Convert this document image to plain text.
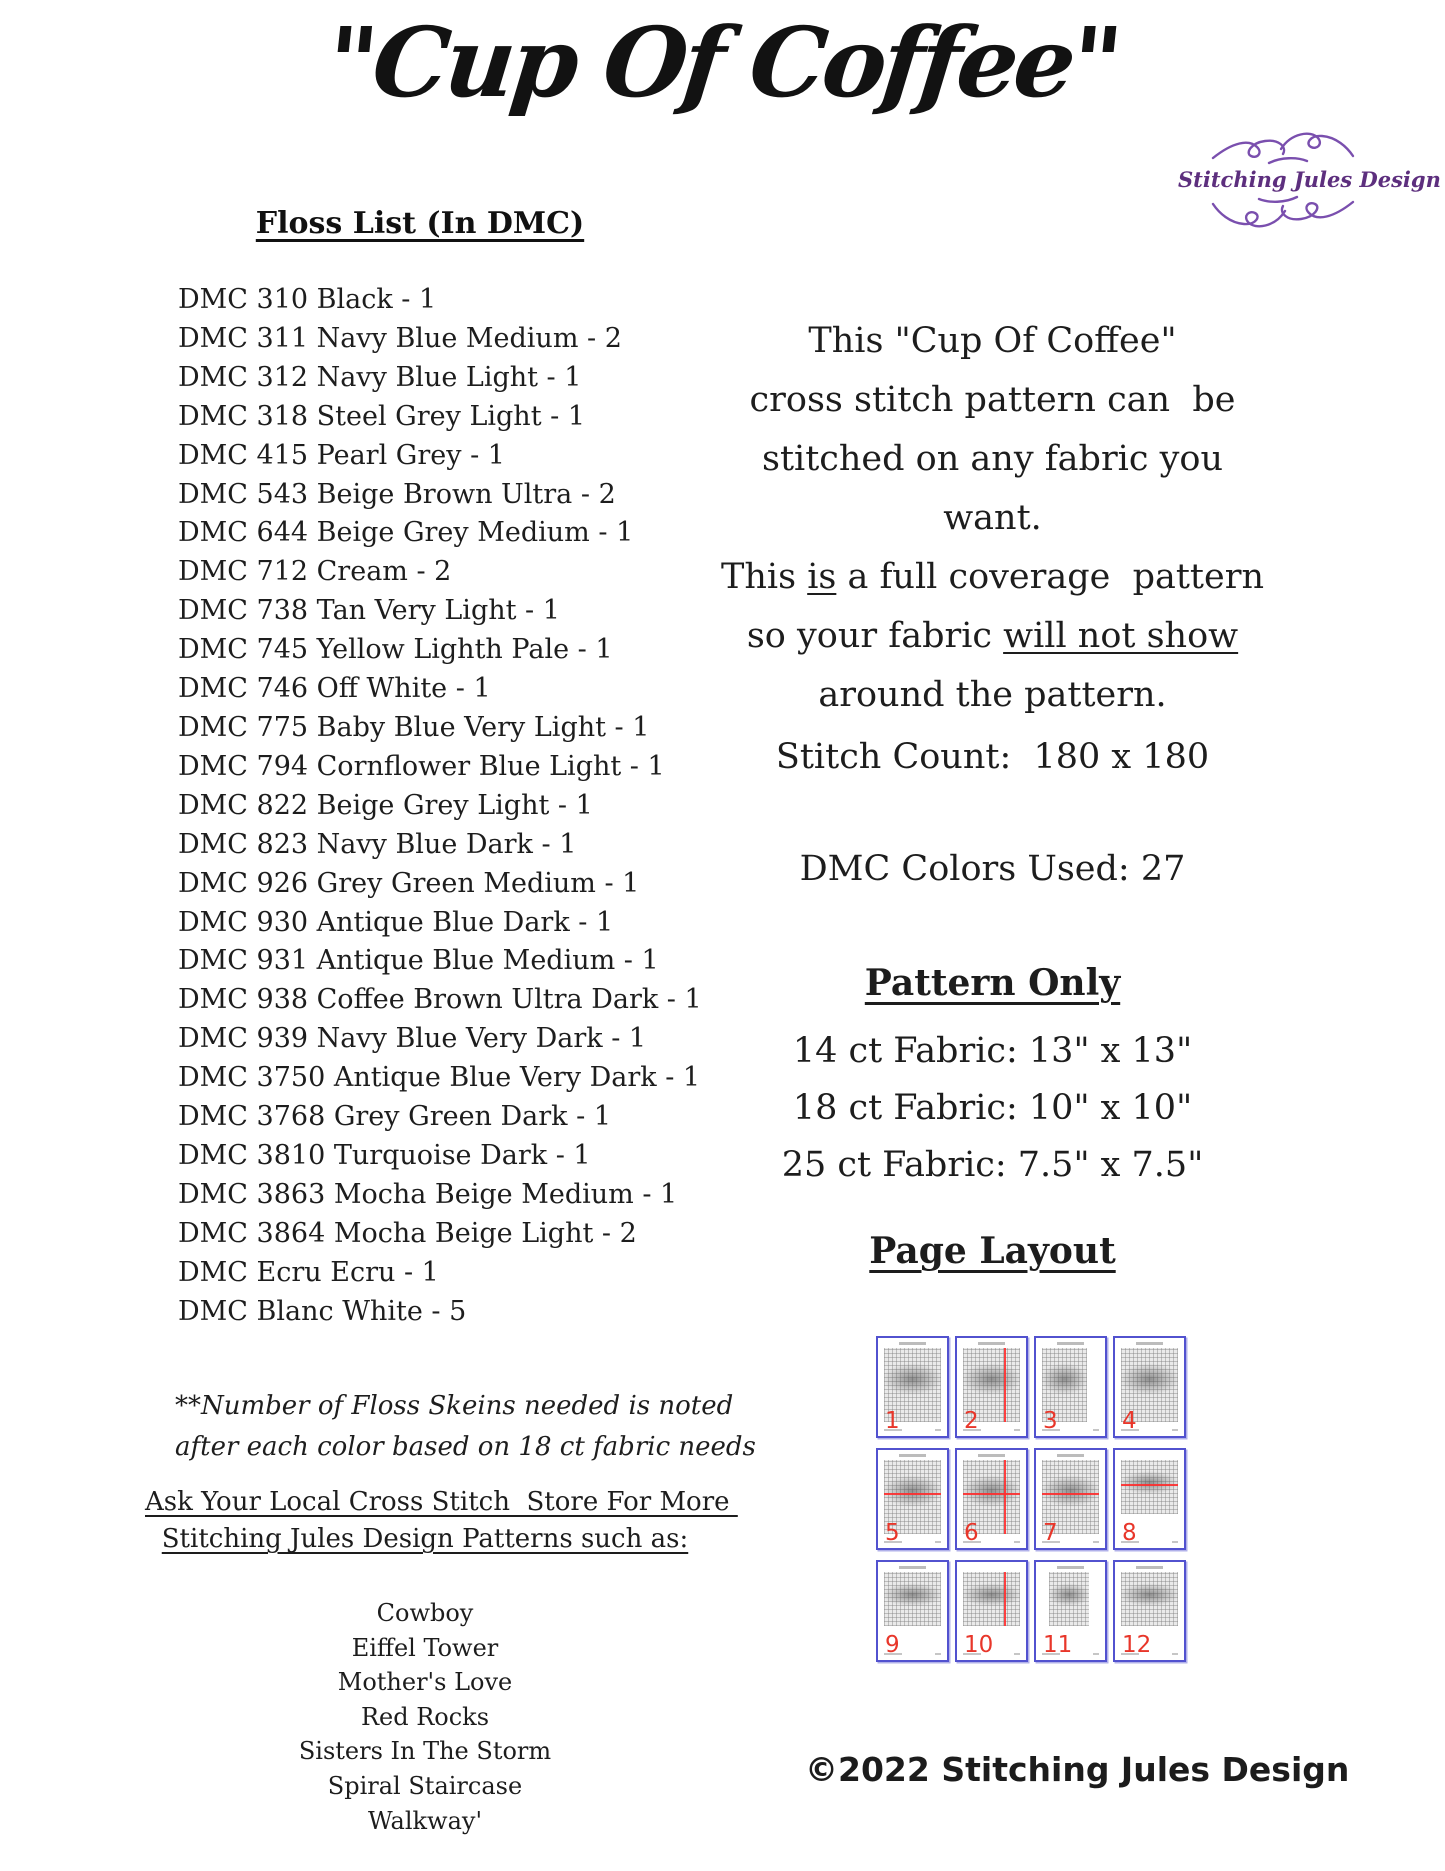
"Cup Of Coffee"
Stitching Jules Design
Floss List (In DMC)
DMC 310 Black - 1
DMC 311 Navy Blue Medium - 2
DMC 312 Navy Blue Light - 1
DMC 318 Steel Grey Light - 1
DMC 415 Pearl Grey - 1
DMC 543 Beige Brown Ultra - 2
DMC 644 Beige Grey Medium - 1
DMC 712 Cream - 2
DMC 738 Tan Very Light - 1
DMC 745 Yellow Lighth Pale - 1
DMC 746 Off White - 1
DMC 775 Baby Blue Very Light - 1
DMC 794 Cornflower Blue Light - 1
DMC 822 Beige Grey Light - 1
DMC 823 Navy Blue Dark - 1
DMC 926 Grey Green Medium - 1
DMC 930 Antique Blue Dark - 1
DMC 931 Antique Blue Medium - 1
DMC 938 Coffee Brown Ultra Dark - 1
DMC 939 Navy Blue Very Dark - 1
DMC 3750 Antique Blue Very Dark - 1
DMC 3768 Grey Green Dark - 1
DMC 3810 Turquoise Dark - 1
DMC 3863 Mocha Beige Medium - 1
DMC 3864 Mocha Beige Light - 2
DMC Ecru Ecru - 1
DMC Blanc White - 5
**Number of Floss Skeins needed is noted
after each color based on 18 ct fabric needs
Ask Your Local Cross Stitch  Store For More
Stitching Jules Design Patterns such as:
Cowboy
Eiffel Tower
Mother's Love
Red Rocks
Sisters In The Storm
Spiral Staircase
Walkway'
This "Cup Of Coffee"
cross stitch pattern can  be
stitched on any fabric you want.
This is a full coverage  pattern
so your fabric will not show
around the pattern.
Stitch Count:  180 x 180
DMC Colors Used: 27
Pattern Only
14 ct Fabric: 13" x 13"
18 ct Fabric: 10" x 10"
25 ct Fabric: 7.5" x 7.5"
Page Layout
1	2	3	4
5	6	7	8
9	10 11 12
©2022 Stitching Jules Design
